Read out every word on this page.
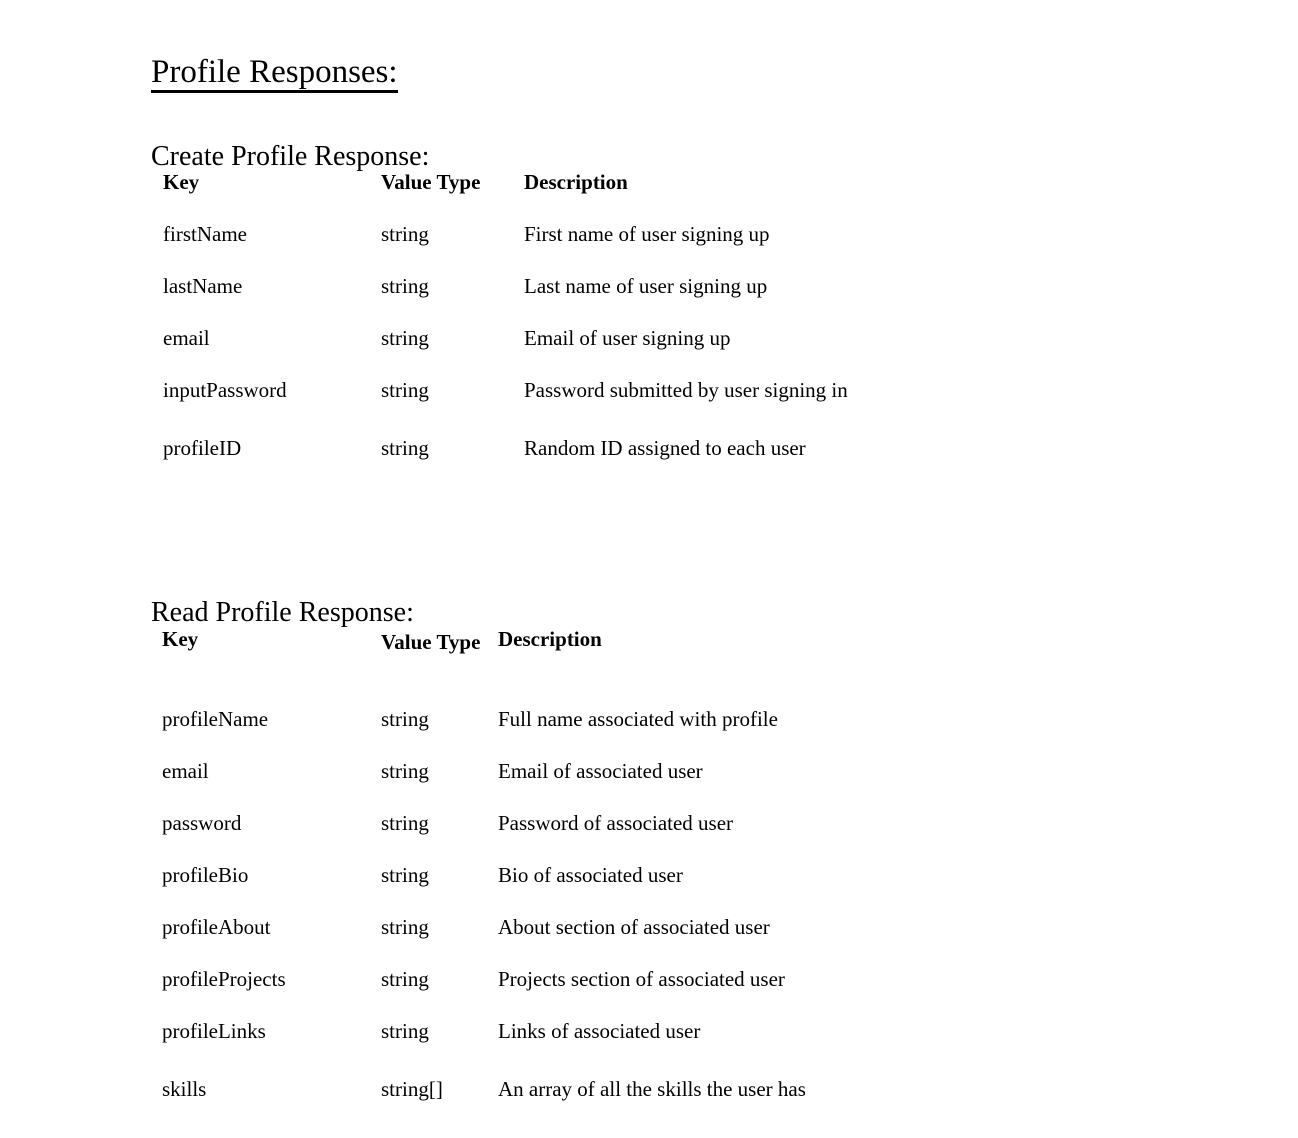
Profile Responses:
Create Profile Response:
Key	Value Type	Description
firstName	string	First name of user signing up
lastName	string	Last name of user signing up
email	string	Email of user signing up
inputPassword	string	Password submitted by user signing in
profileID	string	Random ID assigned to each user
Read Profile Response:
Key	Value Type	Description
profileName	string	Full name associated with profile
email	string	Email of associated user
password	string	Password of associated user
profileBio	string	Bio of associated user
profileAbout	string	About section of associated user
profileProjects	string	Projects section of associated user
profileLinks	string	Links of associated user
skills	string[]	An array of all the skills the user has
